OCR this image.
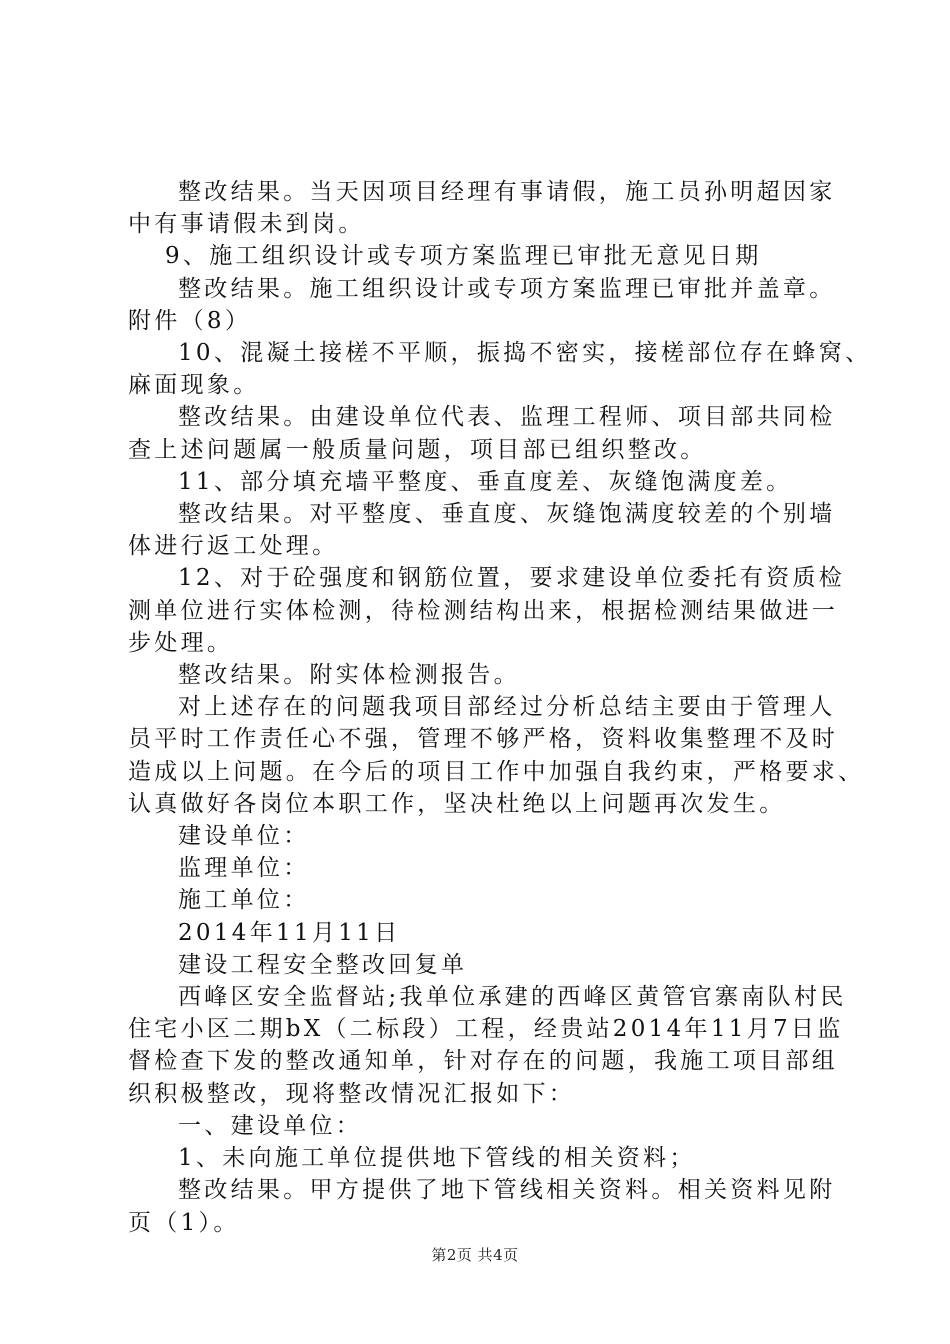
整改结果。当天因项目经理有事请假，施工员孙明超因家

中有事请假未到岗。

9、施工组织设计或专项方案监理已审批无意见日期

整改结果。施工组织设计或专项方案监理已审批并盖章。

附件（8）

10、混凝土接槎不平顺，振捣不密实，接槎部位存在蜂窝、

麻面现象。

整改结果。由建设单位代表、监理工程师、项目部共同检

查上述问题属一般质量问题，项目部已组织整改。

11、部分填充墙平整度、垂直度差、灰缝饱满度差。

整改结果。对平整度、垂直度、灰缝饱满度较差的个别墙

体进行返工处理。

12、对于砼强度和钢筋位置，要求建设单位委托有资质检

测单位进行实体检测，待检测结构出来，根据检测结果做进一

步处理。

整改结果。附实体检测报告。

对上述存在的问题我项目部经过分析总结主要由于管理人

员平时工作责任心不强，管理不够严格，资料收集整理不及时

造成以上问题。在今后的项目工作中加强自我约束，严格要求、

认真做好各岗位本职工作，坚决杜绝以上问题再次发生。

建设单位：

监理单位：

施工单位：

2014年11月11日

建设工程安全整改回复单

西峰区安全监督站;我单位承建的西峰区黄管官寨南队村民

住宅小区二期bX（二标段）工程，经贵站2014年11月7日监

督检查下发的整改通知单，针对存在的问题，我施工项目部组

织积极整改，现将整改情况汇报如下：

一、建设单位：

1、未向施工单位提供地下管线的相关资料；

整改结果。甲方提供了地下管线相关资料。相关资料见附

页（1）。

第2页 共4页
